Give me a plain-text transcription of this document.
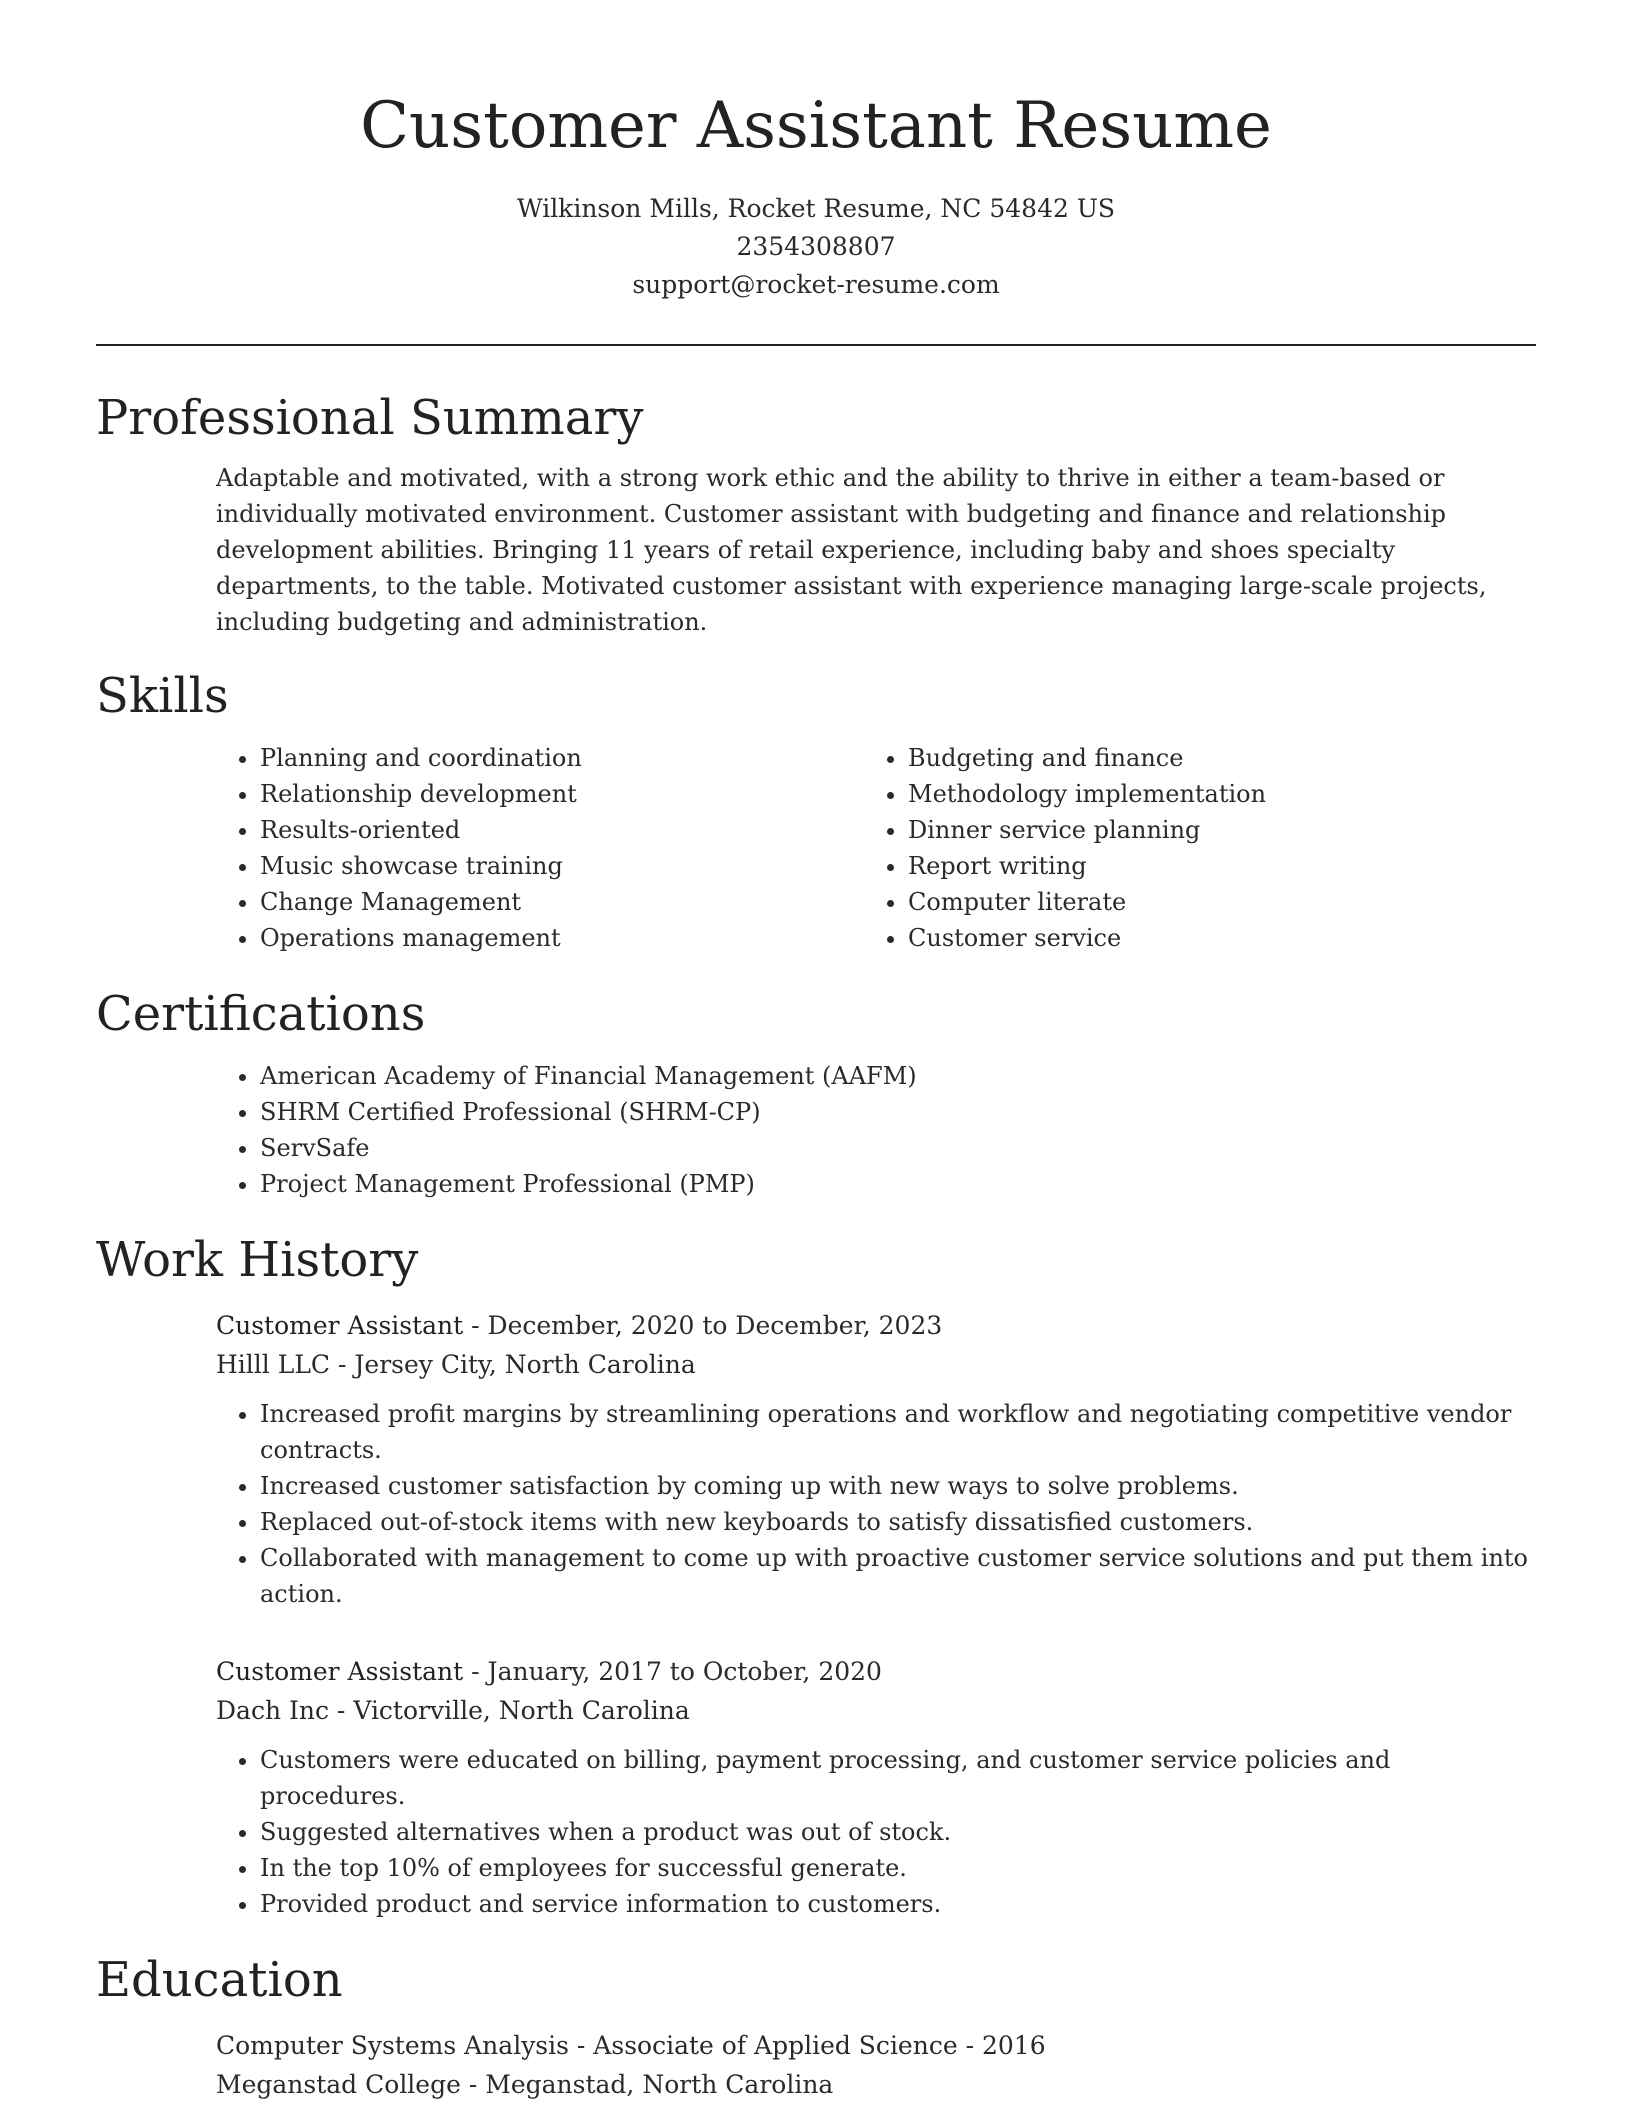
Customer Assistant Resume
Wilkinson Mills, Rocket Resume, NC 54842 US
2354308807
support@rocket-resume.com
Professional Summary
Adaptable and motivated, with a strong work ethic and the ability to thrive in either a team-based or individually motivated environment. Customer assistant with budgeting and finance and relationship development abilities. Bringing 11 years of retail experience, including baby and shoes specialty departments, to the table. Motivated customer assistant with experience managing large-scale projects, including budgeting and administration.
Skills
• Planning and coordination
• Relationship development
• Results-oriented
• Music showcase training
• Change Management
• Operations management
• Budgeting and finance
• Methodology implementation
• Dinner service planning
• Report writing
• Computer literate
• Customer service
Certifications
• American Academy of Financial Management (AAFM)
• SHRM Certified Professional (SHRM-CP)
• ServSafe
• Project Management Professional (PMP)
Work History
Customer Assistant - December, 2020 to December, 2023
Hilll LLC - Jersey City, North Carolina
• Increased profit margins by streamlining operations and workflow and negotiating competitive vendor contracts.
• Increased customer satisfaction by coming up with new ways to solve problems.
• Replaced out-of-stock items with new keyboards to satisfy dissatisfied customers.
• Collaborated with management to come up with proactive customer service solutions and put them into action.
Customer Assistant - January, 2017 to October, 2020
Dach Inc - Victorville, North Carolina
• Customers were educated on billing, payment processing, and customer service policies and procedures.
• Suggested alternatives when a product was out of stock.
• In the top 10% of employees for successful generate.
• Provided product and service information to customers.
Education
Computer Systems Analysis - Associate of Applied Science - 2016
Meganstad College - Meganstad, North Carolina
